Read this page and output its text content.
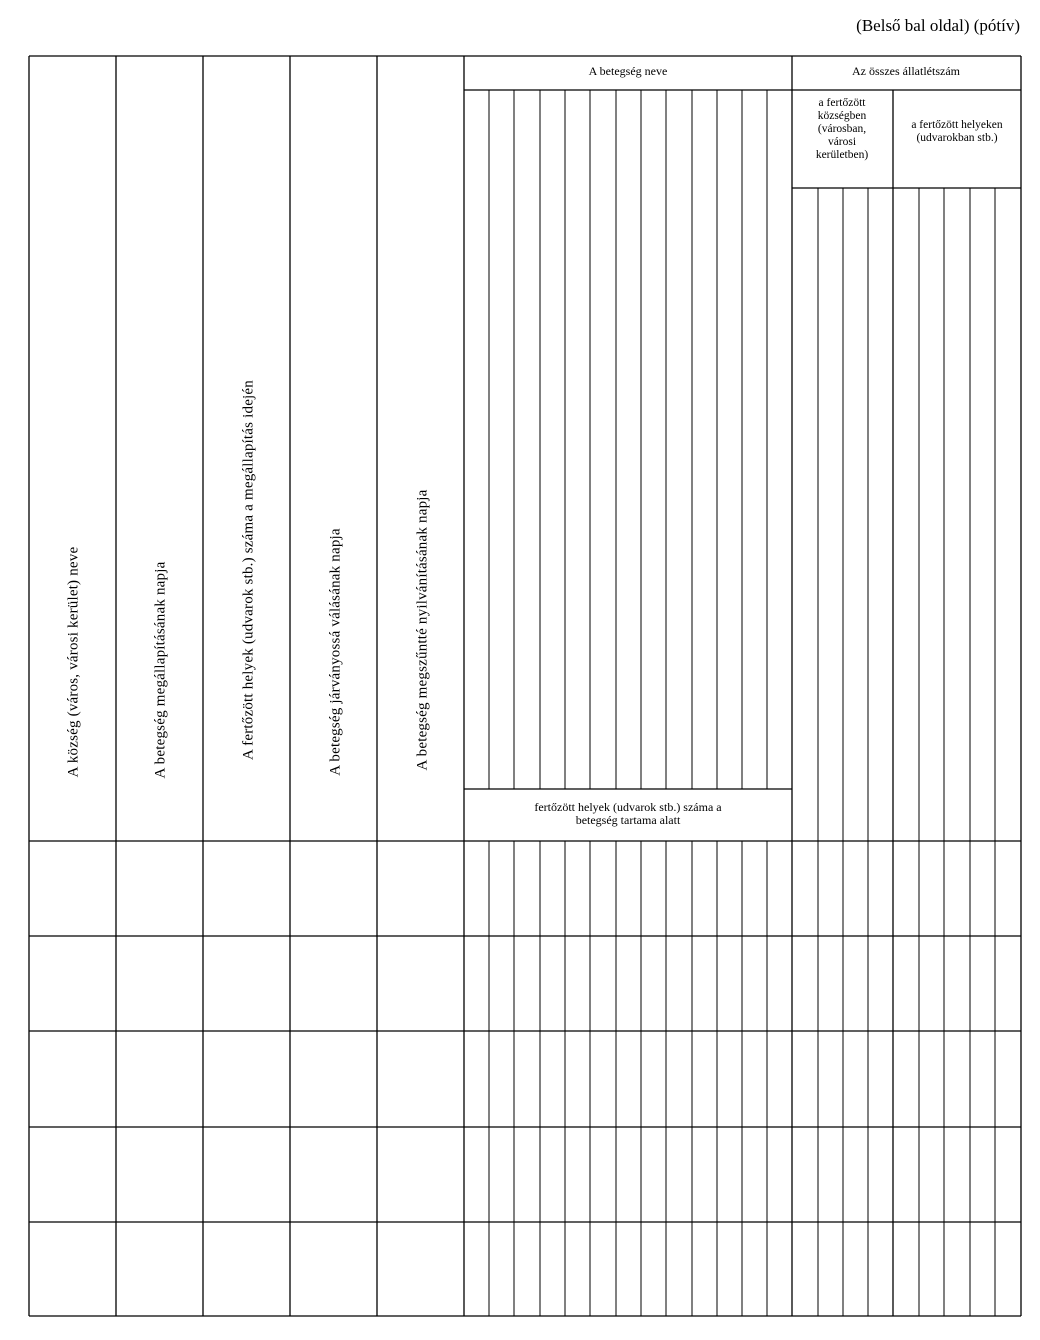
(Belső bal oldal) (pótív)
A község (város, városi kerület) neve	A betegség megállapításának napja	A fertőzött helyek (udvarok stb.) száma a megállapítás idején	A betegség járványossá válásának napja	A betegség megszűntté nyilvánításának napja
A betegség neve	Az összes állatlétszám
a fertőzött községben (városban, városi kerületben)
a fertőzött helyeken (udvarokban stb.)
fertőzött helyek (udvarok stb.) száma a betegség tartama alatt
